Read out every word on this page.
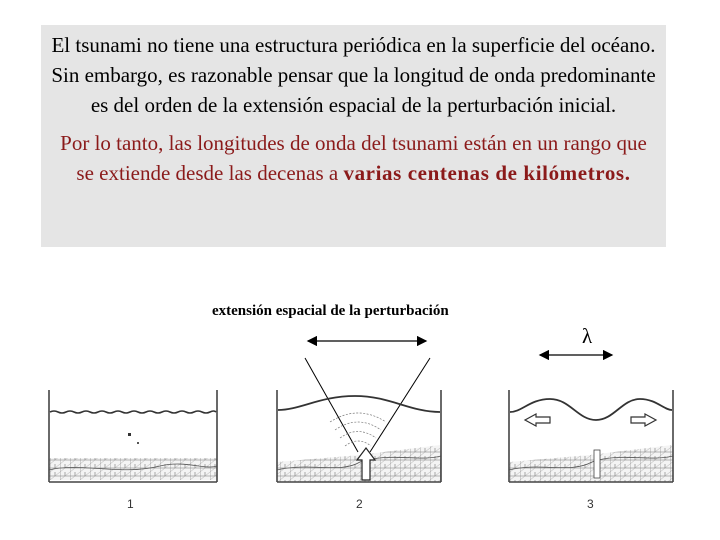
El tsunami no tiene una estructura periódica en la superficie del océano. Sin embargo, es razonable pensar que la longitud de onda predominante es del orden de la extensión espacial de la perturbación inicial.

Por lo tanto, las longitudes de onda del tsunami están en un rango que se extiende desde las decenas a varias centenas de kilómetros.

extensión espacial de la perturbación
λ
1	2	3
